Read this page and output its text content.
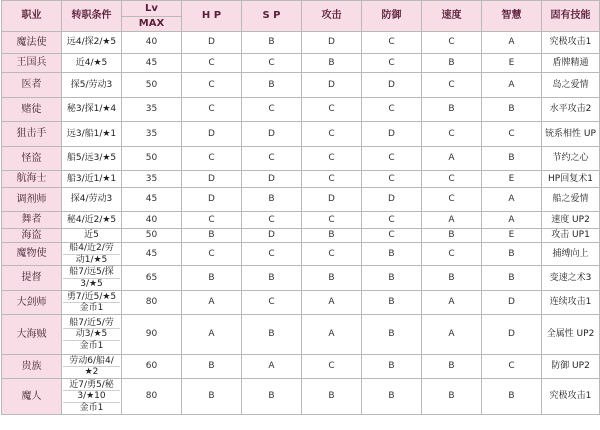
职业	转职条件	Lv	H P	S P	攻击	防御	速度	智慧	固有技能
		MAX							
魔法使	远4/探2/★5	40	D	B	D	C	C	A	究极攻击1
王国兵	近4/★5	45	C	C	B	C	B	E	盾牌精通
医者	探5/劳动3	50	C	B	D	D	C	A	岛之爱情
赌徒	秘3/探1/★4	35	C	C	C	C	B	B	水平攻击2
狙击手	远3/船1/★1	35	D	D	C	D	C	C	铳系相性 UP
怪盗	船5/远3/★5	50	C	C	C	C	A	B	节约之心
航海士	船3/近1/★1	35	D	D	C	C	C	E	HP回复术1
调剂师	探4/劳动3	45	D	B	D	D	C	A	船之爱情
舞者	秘4/近2/★5	40	C	C	C	C	A	A	速度 UP2
海盗	近5	50	B	D	B	C	B	E	攻击 UP1
魔物使	船4/近2/劳
动1/★5	45	C	C	C	B	C	B	捕缚向上
提督	船7/远5/探
3/★5	65	B	B	B	B	B	B	变速之术3
大剑师	勇7/近5/★5
金币1	80	A	C	A	B	A	D	连续攻击1
大海贼	船7/近5/劳
动3/★5
金币1	90	A	B	A	B	A	D	全属性 UP2
贵族	劳动6/船4/
★2	60	B	A	C	B	B	C	防御 UP2
魔人	近7/勇5/秘
3/★10
金币1	80	B	B	B	B	B	B	究极攻击1
